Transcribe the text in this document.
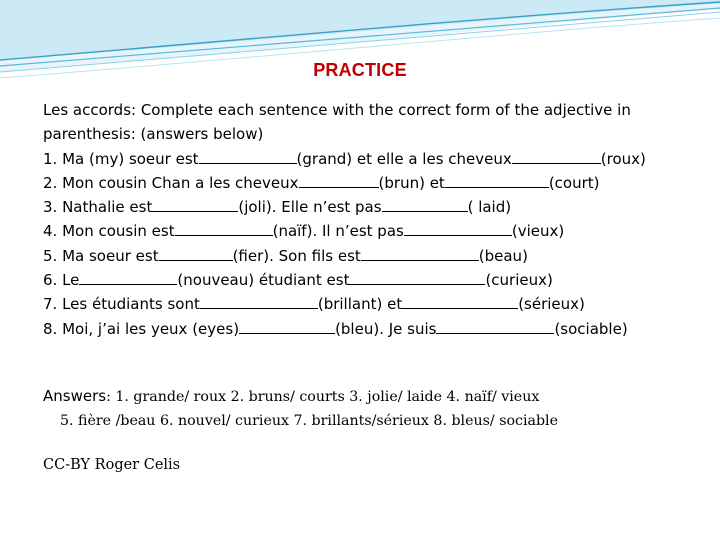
PRACTICE
Les accords: Complete each sentence with the correct form of the adjective in
parenthesis: (answers below)
1. Ma (my) soeur est	(grand) et elle a les cheveux	(roux)
2. Mon cousin Chan a les cheveux	(brun) et	(court)
3. Nathalie est	(joli). Elle n’est pas	( laid)
4. Mon cousin est	(naïf). Il n’est pas	(vieux)
5. Ma soeur est	(fier). Son fils est	(beau)
6. Le	(nouveau) étudiant est	(curieux)
7. Les étudiants sont	(brillant) et	(sérieux)
8. Moi, j’ai les yeux (eyes)	(bleu). Je suis	(sociable)
Answers: 1. grande/ roux 2. bruns/ courts 3. jolie/ laide 4. naïf/ vieux
5. fière /beau 6. nouvel/ curieux 7. brillants/sérieux 8. bleus/ sociable
CC-BY Roger Celis
